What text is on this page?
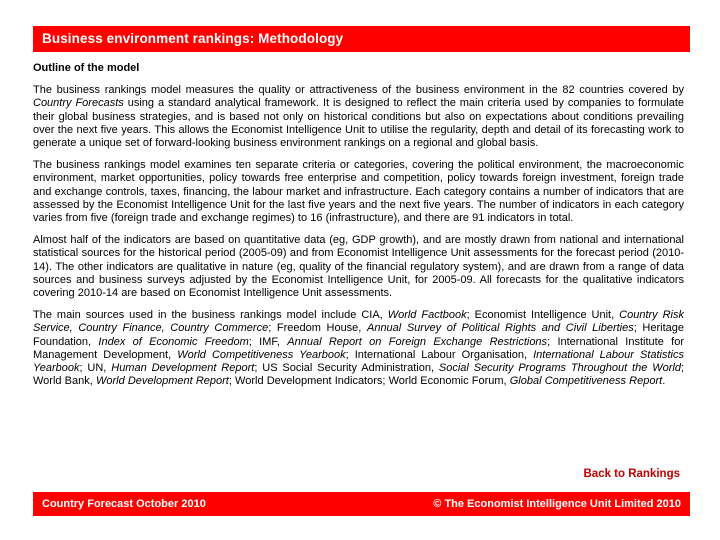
Business environment rankings: Methodology
Outline of the model

The business rankings model measures the quality or attractiveness of the business environment in the 82 countries covered by Country Forecasts using a standard analytical framework. It is designed to reflect the main criteria used by companies to formulate their global business strategies, and is based not only on historical conditions but also on expectations about conditions prevailing over the next five years. This allows the Economist Intelligence Unit to utilise the regularity, depth and detail of its forecasting work to generate a unique set of forward-looking business environment rankings on a regional and global basis.

The business rankings model examines ten separate criteria or categories, covering the political environment, the macroeconomic environment, market opportunities, policy towards free enterprise and competition, policy towards foreign investment, foreign trade and exchange controls, taxes, financing, the labour market and infrastructure. Each category contains a number of indicators that are assessed by the Economist Intelligence Unit for the last five years and the next five years. The number of indicators in each category varies from five (foreign trade and exchange regimes) to 16 (infrastructure), and there are 91 indicators in total.

Almost half of the indicators are based on quantitative data (eg, GDP growth), and are mostly drawn from national and international statistical sources for the historical period (2005-09) and from Economist Intelligence Unit assessments for the forecast period (2010-14). The other indicators are qualitative in nature (eg, quality of the financial regulatory system), and are drawn from a range of data sources and business surveys adjusted by the Economist Intelligence Unit, for 2005-09. All forecasts for the qualitative indicators covering 2010-14 are based on Economist Intelligence Unit assessments.

The main sources used in the business rankings model include CIA, World Factbook; Economist Intelligence Unit, Country Risk Service, Country Finance, Country Commerce; Freedom House, Annual Survey of Political Rights and Civil Liberties; Heritage Foundation, Index of Economic Freedom; IMF, Annual Report on Foreign Exchange Restrictions; International Institute for Management Development, World Competitiveness Yearbook; International Labour Organisation, International Labour Statistics Yearbook; UN, Human Development Report; US Social Security Administration, Social Security Programs Throughout the World; World Bank, World Development Report; World Development Indicators; World Economic Forum, Global Competitiveness Report.

Back to Rankings
Country Forecast October 2010	© The Economist Intelligence Unit Limited 2010
